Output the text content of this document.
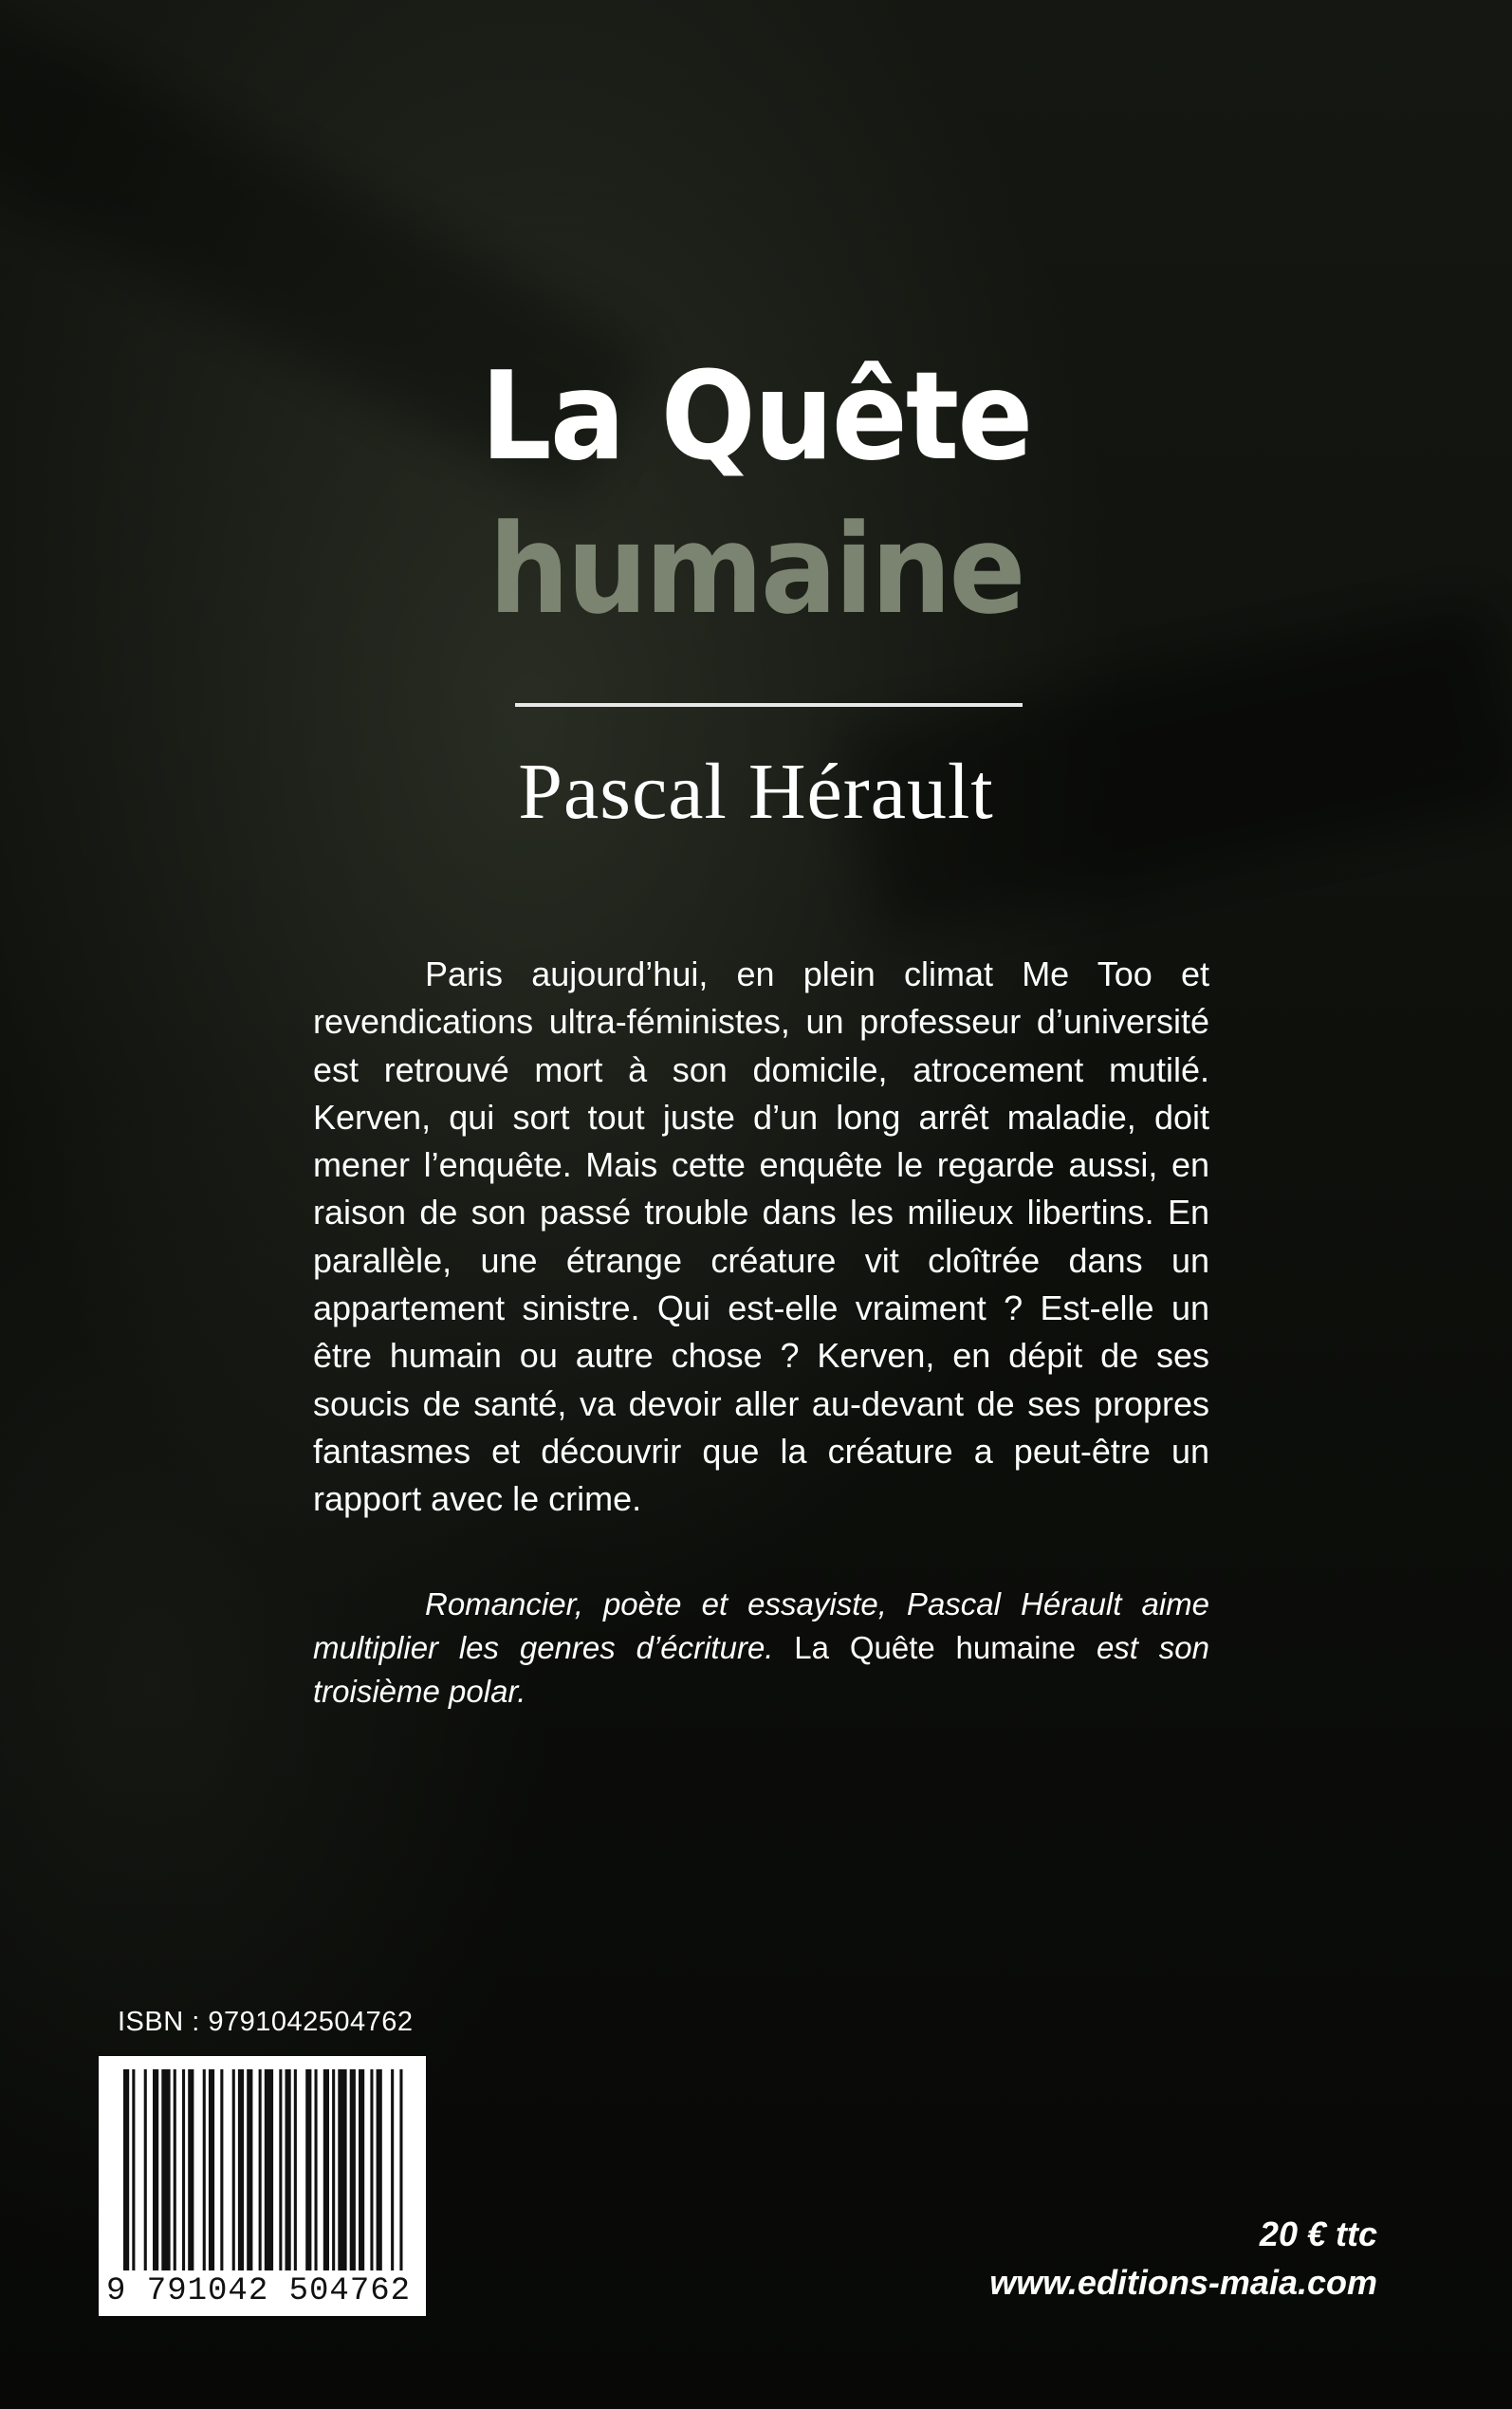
La Quête
humaine
Pascal Hérault

Paris aujourd’hui, en plein climat Me Too et revendications ultra-féministes, un professeur d’université est retrouvé mort à son domicile, atrocement mutilé. Kerven, qui sort tout juste d’un long arrêt maladie, doit mener l’enquête. Mais cette enquête le regarde aussi, en raison de son passé trouble dans les milieux libertins. En parallèle, une étrange créature vit cloîtrée dans un appartement sinistre. Qui est-elle vraiment ? Est-elle un être humain ou autre chose ? Kerven, en dépit de ses soucis de santé, va devoir aller au-devant de ses propres fantasmes et découvrir que la créature a peut-être un rapport avec le crime.

Romancier, poète et essayiste, Pascal Hérault aime multiplier les genres d’écriture. La Quête humaine est son troisième polar.

ISBN : 9791042504762
9 791042 504762
20 € ttc
www.editions-maia.com
